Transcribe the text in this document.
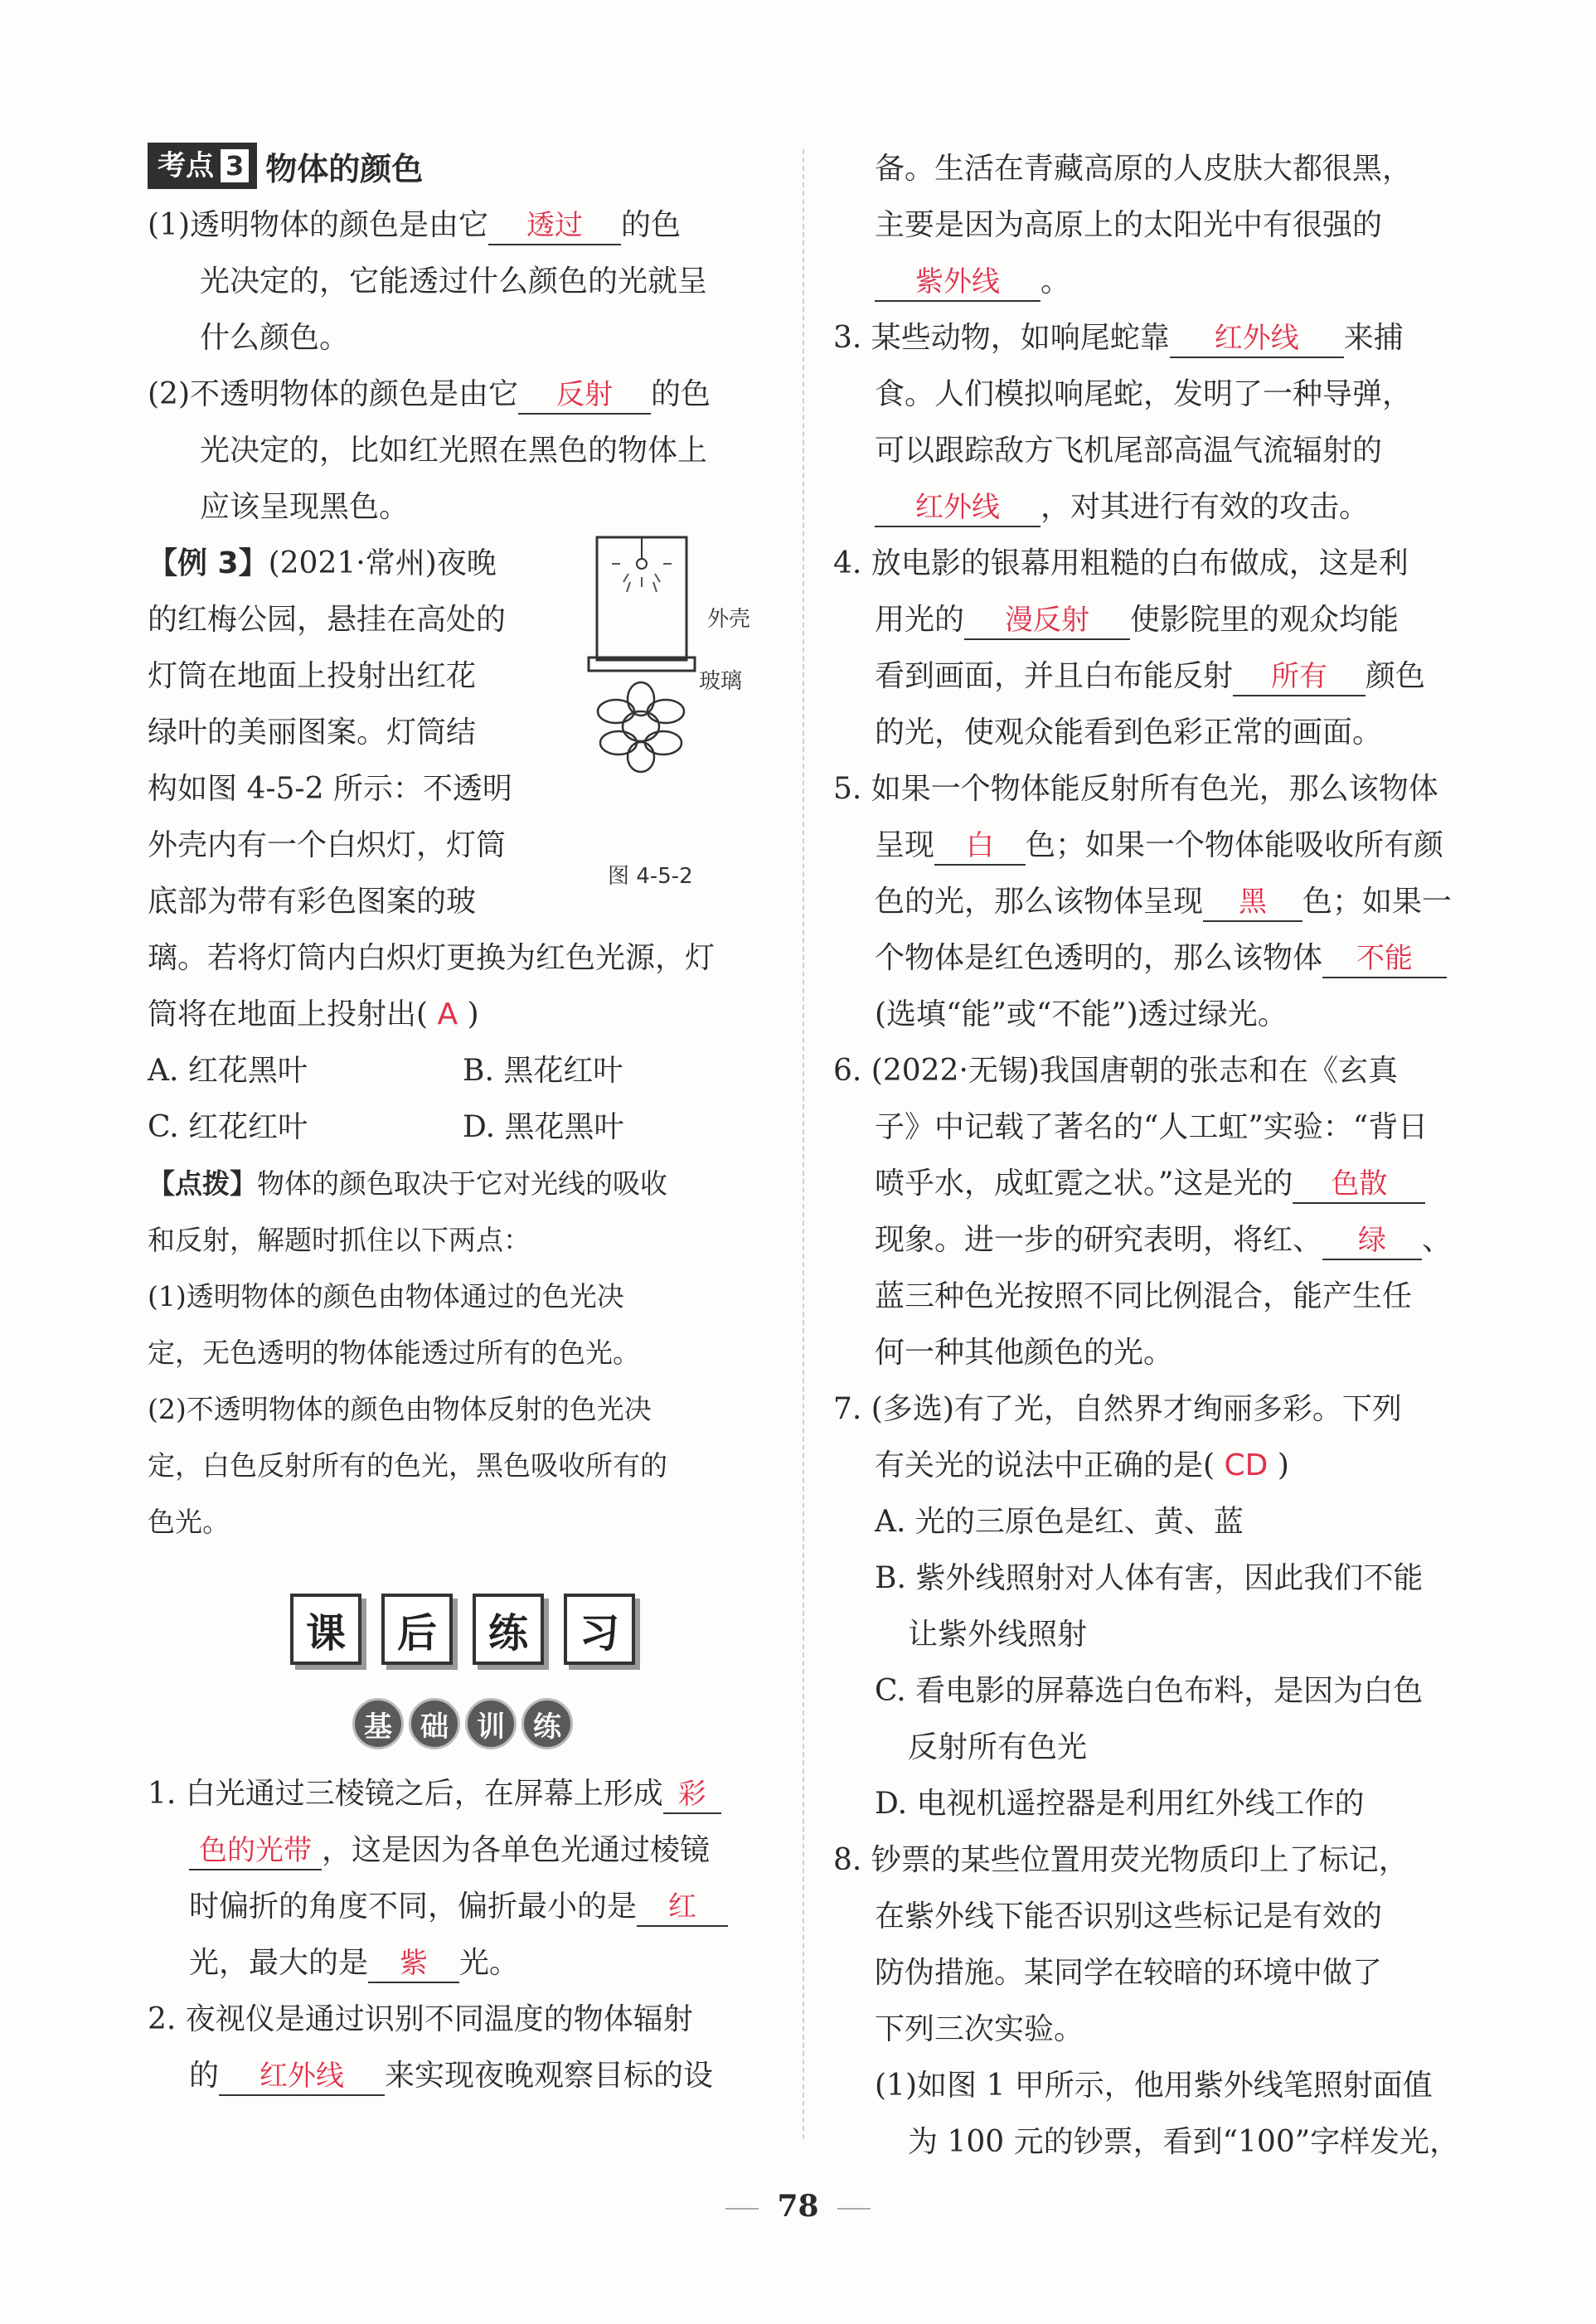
考点 3 物体的颜色
(1)透明物体的颜色是由它 透过 的色
光决定的，它能透过什么颜色的光就呈
什么颜色。
(2)不透明物体的颜色是由它 反射 的色
光决定的，比如红光照在黑色的物体上
应该呈现黑色。
【例 3】(2021·常州)夜晚
的红梅公园，悬挂在高处的
灯筒在地面上投射出红花
绿叶的美丽图案。灯筒结
构如图 4-5-2 所示：不透明
外壳内有一个白炽灯，灯筒
底部为带有彩色图案的玻
璃。若将灯筒内白炽灯更换为红色光源，灯
筒将在地面上投射出( A )
A. 红花黑叶	B. 黑花红叶
C. 红花红叶	D. 黑花黑叶
外壳
玻璃
图 4-5-2
【点拨】物体的颜色取决于它对光线的吸收
和反射，解题时抓住以下两点：
(1)透明物体的颜色由物体通过的色光决
定，无色透明的物体能透过所有的色光。
(2)不透明物体的颜色由物体反射的色光决
定，白色反射所有的色光，黑色吸收所有的
色光。
课	后	练	习
基	础	训	练
1. 白光通过三棱镜之后，在屏幕上形成 彩
色的光带 ，这是因为各单色光通过棱镜
时偏折的角度不同，偏折最小的是 红
光，最大的是 紫 光。
2. 夜视仪是通过识别不同温度的物体辐射
的 红外线 来实现夜晚观察目标的设
备。生活在青藏高原的人皮肤大都很黑，
主要是因为高原上的太阳光中有很强的
紫外线 。
3. 某些动物，如响尾蛇靠 红外线 来捕
食。人们模拟响尾蛇，发明了一种导弹，
可以跟踪敌方飞机尾部高温气流辐射的
红外线 ，对其进行有效的攻击。
4. 放电影的银幕用粗糙的白布做成，这是利
用光的 漫反射 使影院里的观众均能
看到画面，并且白布能反射 所有 颜色
的光，使观众能看到色彩正常的画面。
5. 如果一个物体能反射所有色光，那么该物体
呈现 白 色；如果一个物体能吸收所有颜
色的光，那么该物体呈现 黑 色；如果一
个物体是红色透明的，那么该物体 不能
(选填“能”或“不能”)透过绿光。
6. (2022·无锡)我国唐朝的张志和在《玄真
子》中记载了著名的“人工虹”实验：“背日
喷乎水，成虹霓之状。”这是光的 色散
现象。进一步的研究表明，将红、 绿 、
蓝三种色光按照不同比例混合，能产生任
何一种其他颜色的光。
7. (多选)有了光，自然界才绚丽多彩。下列
有关光的说法中正确的是( CD )
A. 光的三原色是红、黄、蓝
B. 紫外线照射对人体有害，因此我们不能
让紫外线照射
C. 看电影的屏幕选白色布料，是因为白色
反射所有色光
D. 电视机遥控器是利用红外线工作的
8. 钞票的某些位置用荧光物质印上了标记，
在紫外线下能否识别这些标记是有效的
防伪措施。某同学在较暗的环境中做了
下列三次实验。
(1)如图 1 甲所示，他用紫外线笔照射面值
为 100 元的钞票，看到“100”字样发光，
78
